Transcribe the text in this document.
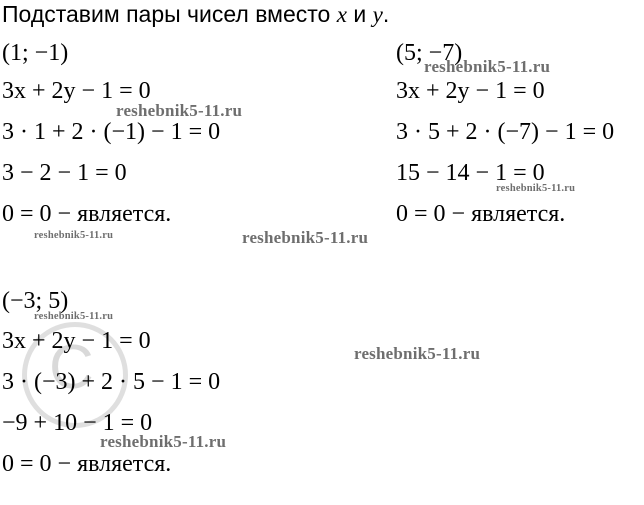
Подставим пары чисел вместо x и y.
C
(1; −1)
3x + 2y − 1 = 0
3 · 1 + 2 · (−1) − 1 = 0
3 − 2 − 1 = 0
0 = 0 − является.
(5; −7)
3x + 2y − 1 = 0
3 · 5 + 2 · (−7) − 1 = 0
15 − 14 − 1 = 0
0 = 0 − является.
(−3; 5)
3x + 2y − 1 = 0
3 · (−3) + 2 · 5 − 1 = 0
−9 + 10 − 1 = 0
0 = 0 − является.
reshebnik5-11.ru
reshebnik5-11.ru
reshebnik5-11.ru
reshebnik5-11.ru	reshebnik5-11.ru
reshebnik5-11.ru
reshebnik5-11.ru
reshebnik5-11.ru
